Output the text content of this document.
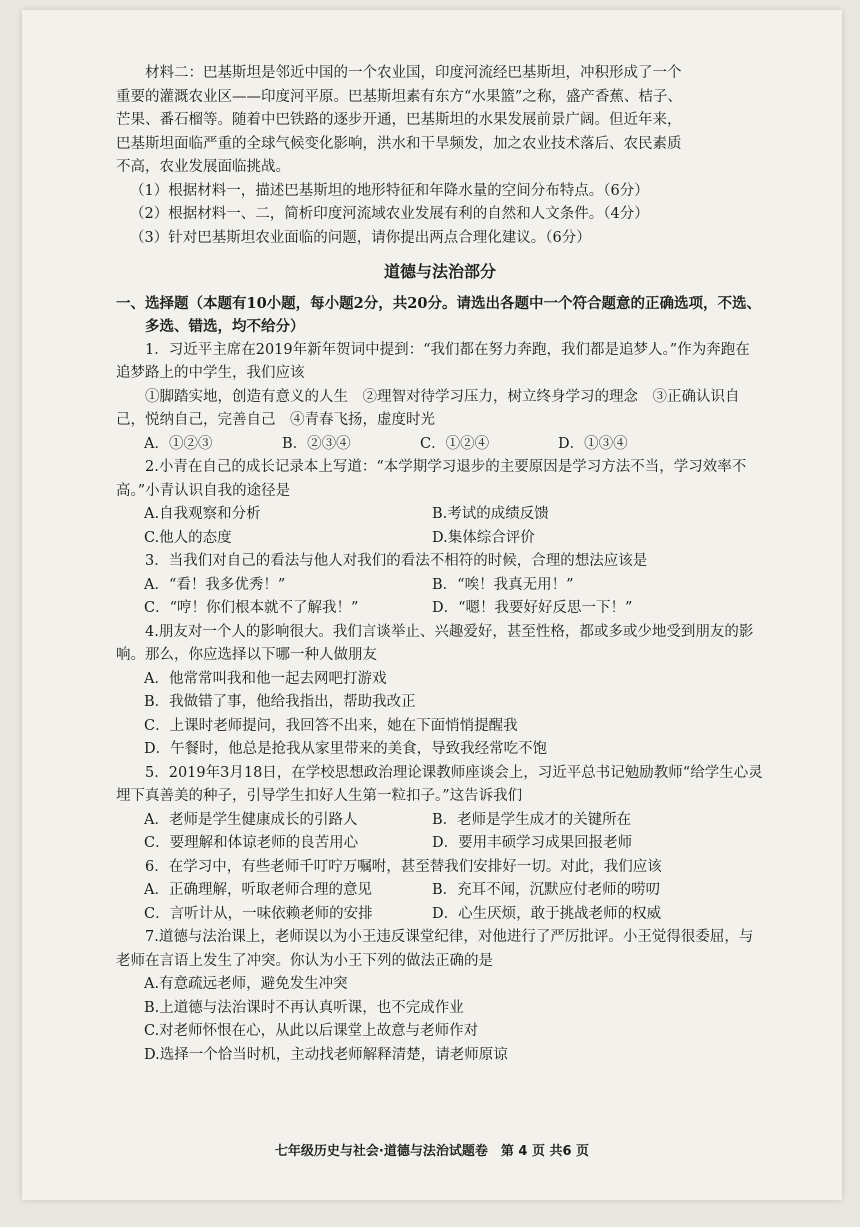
材料二：巴基斯坦是邻近中国的一个农业国，印度河流经巴基斯坦，冲积形成了一个

重要的灌溉农业区——印度河平原。巴基斯坦素有东方“水果篮”之称，盛产香蕉、桔子、

芒果、番石榴等。随着中巴铁路的逐步开通，巴基斯坦的水果发展前景广阔。但近年来，

巴基斯坦面临严重的全球气候变化影响，洪水和干旱频发，加之农业技术落后、农民素质

不高，农业发展面临挑战。

（1）根据材料一，描述巴基斯坦的地形特征和年降水量的空间分布特点。（6分）

（2）根据材料一、二，简析印度河流域农业发展有利的自然和人文条件。（4分）

（3）针对巴基斯坦农业面临的问题，请你提出两点合理化建议。（6分）

道德与法治部分

一、选择题（本题有10小题，每小题2分，共20分。请选出各题中一个符合题意的正确选项，不选、多选、错选，均不给分）

1．习近平主席在2019年新年贺词中提到：“我们都在努力奔跑，我们都是追梦人。”作为奔跑在追梦路上的中学生，我们应该

①脚踏实地，创造有意义的人生　②理智对待学习压力，树立终身学习的理念　③正确认识自己，悦纳自己，完善自己　④青春飞扬，虚度时光

A．①②③	B．②③④	C．①②④	D．①③④

2.小青在自己的成长记录本上写道：“本学期学习退步的主要原因是学习方法不当，学习效率不高。”小青认识自我的途径是

A.自我观察和分析	B.考试的成绩反馈
C.他人的态度	D.集体综合评价

3．当我们对自己的看法与他人对我们的看法不相符的时候，合理的想法应该是

A．“看！我多优秀！”	B．“唉！我真无用！”
C．“哼！你们根本就不了解我！”	D．“嗯！我要好好反思一下！”

4.朋友对一个人的影响很大。我们言谈举止、兴趣爱好，甚至性格，都或多或少地受到朋友的影响。那么，你应选择以下哪一种人做朋友

A．他常常叫我和他一起去网吧打游戏

B．我做错了事，他给我指出，帮助我改正

C．上课时老师提问，我回答不出来，她在下面悄悄提醒我

D．午餐时，他总是抢我从家里带来的美食，导致我经常吃不饱

5．2019年3月18日，在学校思想政治理论课教师座谈会上，习近平总书记勉励教师“给学生心灵埋下真善美的种子，引导学生扣好人生第一粒扣子。”这告诉我们

A．老师是学生健康成长的引路人	B．老师是学生成才的关键所在
C．要理解和体谅老师的良苦用心	D．要用丰硕学习成果回报老师

6．在学习中，有些老师千叮咛万嘱咐，甚至替我们安排好一切。对此，我们应该

A．正确理解，听取老师合理的意见	B．充耳不闻，沉默应付老师的唠叨
C．言听计从，一味依赖老师的安排	D．心生厌烦，敢于挑战老师的权威

7.道德与法治课上，老师误以为小王违反课堂纪律，对他进行了严厉批评。小王觉得很委屈，与老师在言语上发生了冲突。你认为小王下列的做法正确的是

A.有意疏远老师，避免发生冲突

B.上道德与法治课时不再认真听课，也不完成作业

C.对老师怀恨在心，从此以后课堂上故意与老师作对

D.选择一个恰当时机，主动找老师解释清楚，请老师原谅

七年级历史与社会·道德与法治试题卷　第 4 页 共6 页
